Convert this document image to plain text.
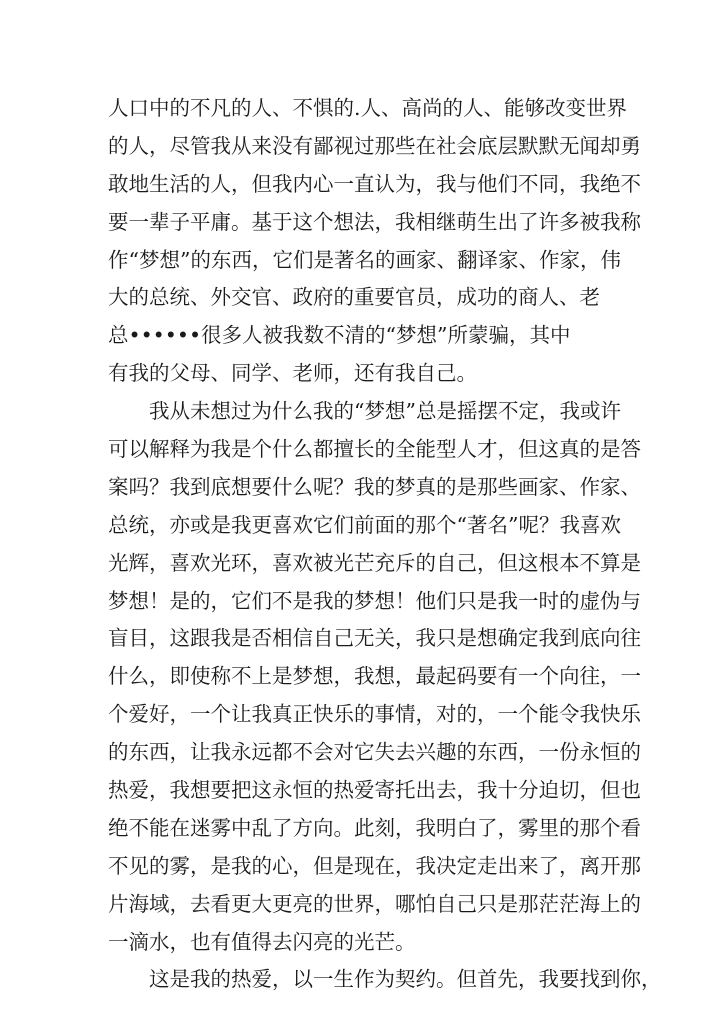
人口中的不凡的人、不惧的.人、高尚的人、能够改变世界
的人，尽管我从来没有鄙视过那些在社会底层默默无闻却勇
敢地生活的人，但我内心一直认为，我与他们不同，我绝不
要一辈子平庸。基于这个想法，我相继萌生出了许多被我称
作“梦想”的东西，它们是著名的画家、翻译家、作家，伟
大的总统、外交官、政府的重要官员，成功的商人、老
总••••••很多人被我数不清的“梦想”所蒙骗，其中
有我的父母、同学、老师，还有我自己。
　　我从未想过为什么我的“梦想”总是摇摆不定，我或许
可以解释为我是个什么都擅长的全能型人才，但这真的是答
案吗？我到底想要什么呢？我的梦真的是那些画家、作家、
总统，亦或是我更喜欢它们前面的那个“著名”呢？我喜欢
光辉，喜欢光环，喜欢被光芒充斥的自己，但这根本不算是
梦想！是的，它们不是我的梦想！他们只是我一时的虚伪与
盲目，这跟我是否相信自己无关，我只是想确定我到底向往
什么，即使称不上是梦想，我想，最起码要有一个向往，一
个爱好，一个让我真正快乐的事情，对的，一个能令我快乐
的东西，让我永远都不会对它失去兴趣的东西，一份永恒的
热爱，我想要把这永恒的热爱寄托出去，我十分迫切，但也
绝不能在迷雾中乱了方向。此刻，我明白了，雾里的那个看
不见的雾，是我的心，但是现在，我决定走出来了，离开那
片海域，去看更大更亮的世界，哪怕自己只是那茫茫海上的
一滴水，也有值得去闪亮的光芒。
　　这是我的热爱，以一生作为契约。但首先，我要找到你，
